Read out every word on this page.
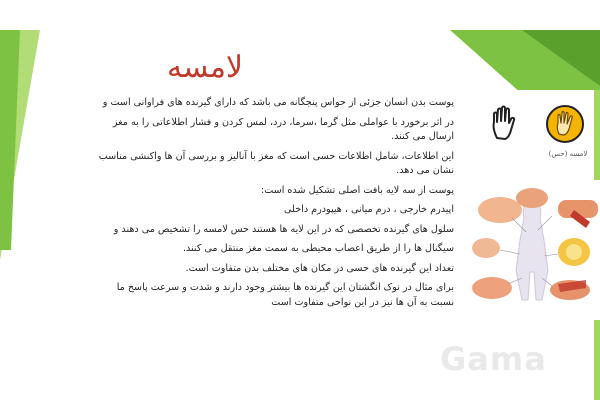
لامسه

پوست بدن انسان جزئی از حواس پنجگانه می باشد که دارای گیرنده های فراوانی است و

در اثر برخورد با عواملی مثل گرما ،سرما، درد، لمس کردن و فشار اطلاعاتی را به مغز ارسال می کنند.

این اطلاعات، شامل اطلاعات حسی است که مغز با آنالیز و بررسی آن ها واکنشی مناسب نشان می دهد.

پوست از سه لایه بافت اصلی تشکیل شده است:

اپیدرم خارجی ، درم میانی ، هیپودرم داخلی

سلول های گیرنده تخصصی که در این لایه ها هستند حس لامسه را تشخیص می دهند و

سیگنال ها را از طریق اعصاب محیطی به سمت مغز منتقل می کنند.

تعداد این گیرنده های حسی در مکان های مختلف بدن متفاوت است.

برای مثال در نوک انگشتان این گیرنده ها بیشتر وجود دارند و شدت و سرعت پاسخ ما نسبت به آن ها نیز در این نواحی متفاوت است

لامسه (حس)
Gama
